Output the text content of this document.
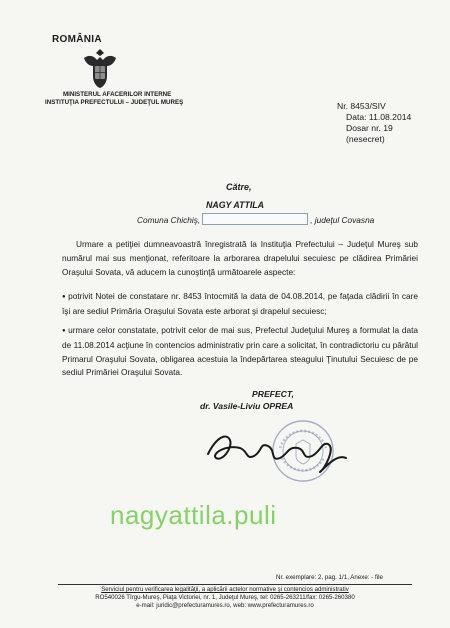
ROMÂNIA
MINISTERUL AFACERILOR INTERNE
INSTITUŢIA PREFECTULUI – JUDEŢUL MUREŞ	Nr. 8453/SIV
Data: 11.08.2014
Dosar nr. 19
(nesecret)
Către,
NAGY ATTILA
Comuna Chichiş,	, judeţul Covasna
Urmare a petiţiei dumneavoastră înregistrată la Instituţia Prefectului – Judeţul Mureş sub numărul mai sus menţionat, referitoare la arborarea drapelului secuiesc pe clădirea Primăriei Oraşului Sovata, vă aducem la cunoştinţă următoarele aspecte:
● potrivit Notei de constatare nr. 8453 întocmită la data de 04.08.2014, pe faţada clădirii în care îşi are sediul Primăria Oraşului Sovata este arborat şi drapelul secuiesc;
● urmare celor constatate, potrivit celor de mai sus, Prefectul Judeţului Mureş a formulat la data de 11.08.2014 acţiune în contencios administrativ prin care a solicitat, în contradictoriu cu pârâtul Primarul Oraşului Sovata, obligarea acestuia la îndepărtarea steagului Ţinutului Secuiesc de pe sediul Primăriei Oraşului Sovata.
PREFECT,
dr. Vasile-Liviu OPREA
nagyattila.puli
Nr. exemplare: 2, pag. 1/1, Anexe: - file
Serviciul pentru verificarea legalităţii, a aplicării actelor normative şi contencios administrativ
RO540026 Tîrgu-Mureş, Piaţa Victoriei, nr. 1, Judeţul Mureş, tel: 0265-263211/fax: 0265-260380
e-mail: juridic@prefecturamures.ro, web: www.prefecturamures.ro
